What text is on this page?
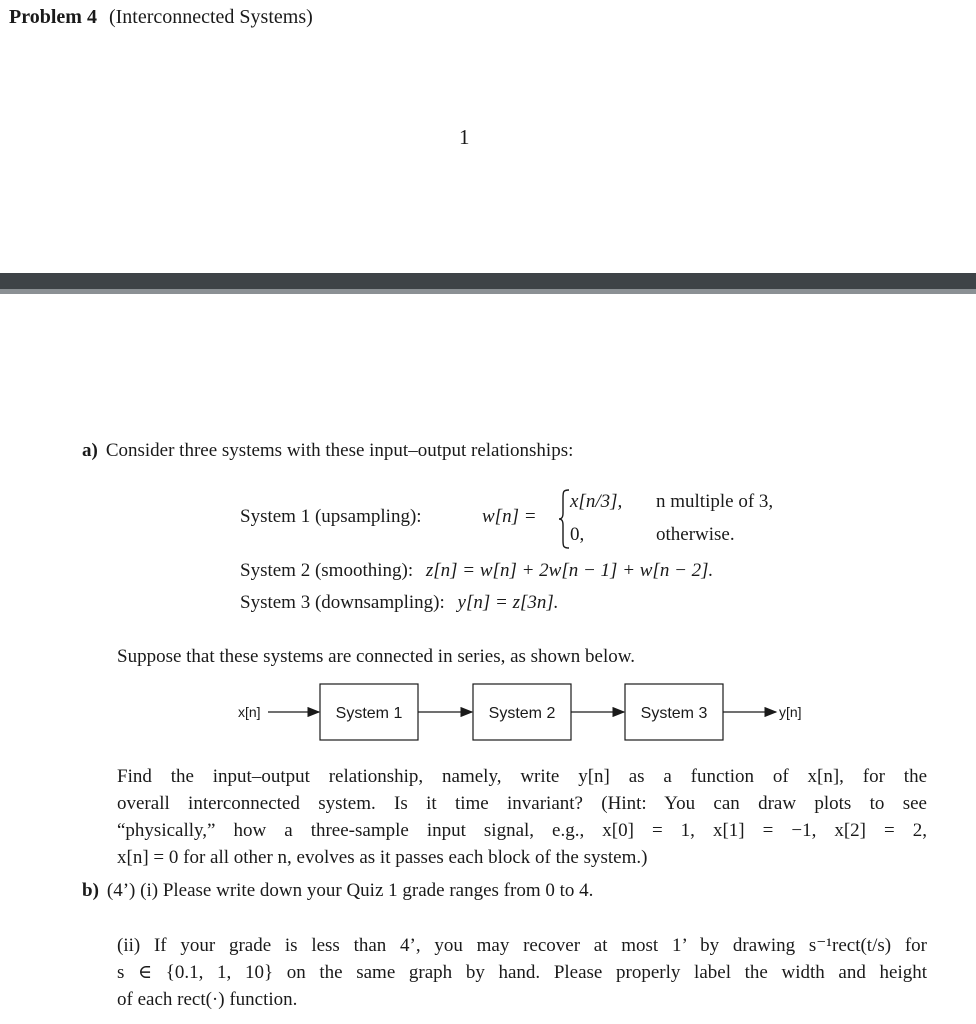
Problem 4 (Interconnected Systems)
1
a) Consider three systems with these input–output relationships:
System 1 (upsampling):	w[n] =
x[n/3], n multiple of 3,
0,	otherwise.
System 2 (smoothing): z[n] = w[n] + 2w[n − 1] + w[n − 2].
System 3 (downsampling): y[n] = z[3n].
Suppose that these systems are connected in series, as shown below.
x[n]	System 1	System 2	System 3	y[n]
Find the input–output relationship, namely, write y[n] as a function of x[n], for the
overall interconnected system. Is it time invariant? (Hint: You can draw plots to see
“physically,” how a three-sample input signal, e.g., x[0] = 1, x[1] = −1, x[2] = 2,
x[n] = 0 for all other n, evolves as it passes each block of the system.)
b) (4’) (i) Please write down your Quiz 1 grade ranges from 0 to 4.
(ii) If your grade is less than 4’, you may recover at most 1’ by drawing s⁻¹rect(t/s) for
s ∈ {0.1, 1, 10} on the same graph by hand. Please properly label the width and height
of each rect(·) function.
